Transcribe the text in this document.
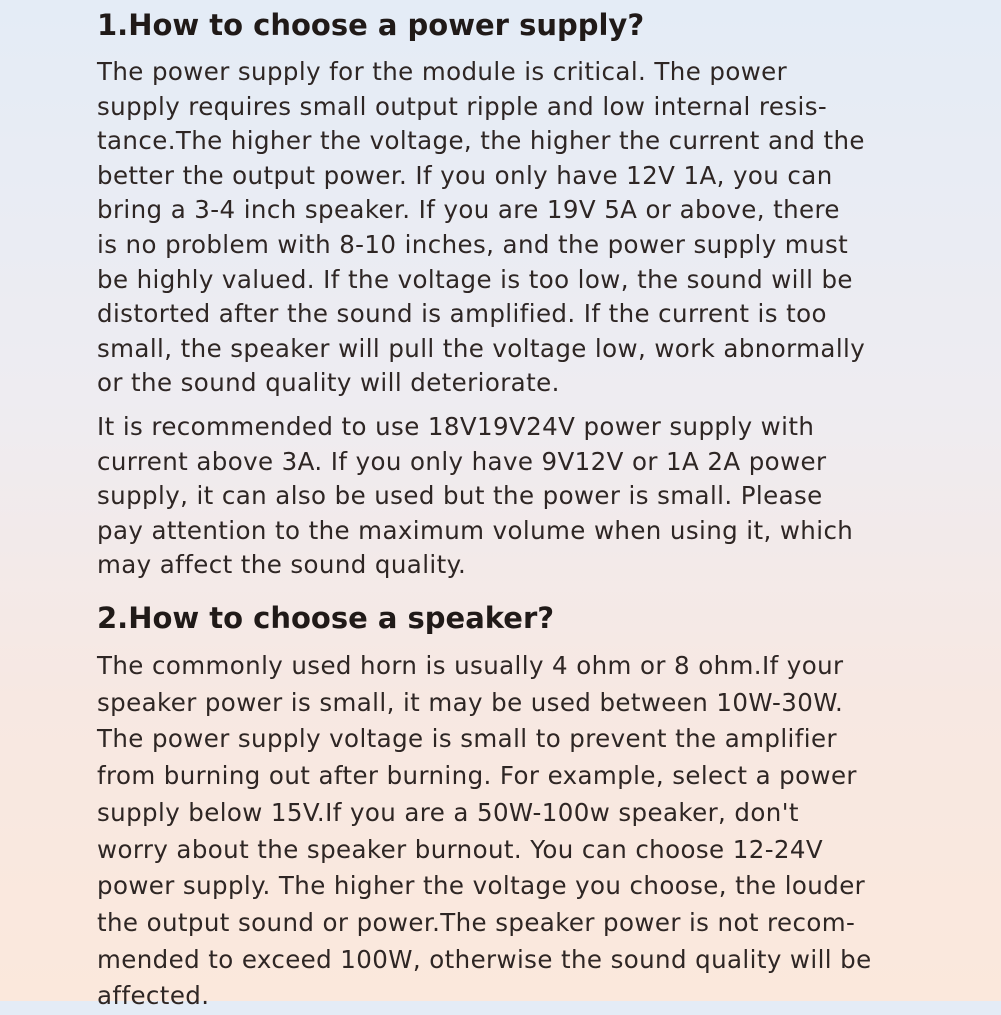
1.How to choose a power supply?
The power supply for the module is critical. The power
supply requires small output ripple and low internal resis-
tance.The higher the voltage, the higher the current and the
better the output power. If you only have 12V 1A, you can
bring a 3-4 inch speaker. If you are 19V 5A or above, there
is no problem with 8-10 inches, and the power supply must
be highly valued. If the voltage is too low, the sound will be
distorted after the sound is amplified. If the current is too
small, the speaker will pull the voltage low, work abnormally
or the sound quality will deteriorate.
It is recommended to use 18V19V24V power supply with
current above 3A. If you only have 9V12V or 1A 2A power
supply, it can also be used but the power is small. Please
pay attention to the maximum volume when using it, which
may affect the sound quality.
2.How to choose a speaker?
The commonly used horn is usually 4 ohm or 8 ohm.If your
speaker power is small, it may be used between 10W-30W.
The power supply voltage is small to prevent the amplifier
from burning out after burning. For example, select a power
supply below 15V.If you are a 50W-100w speaker, don't
worry about the speaker burnout. You can choose 12-24V
power supply. The higher the voltage you choose, the louder
the output sound or power.The speaker power is not recom-
mended to exceed 100W, otherwise the sound quality will be
affected.
